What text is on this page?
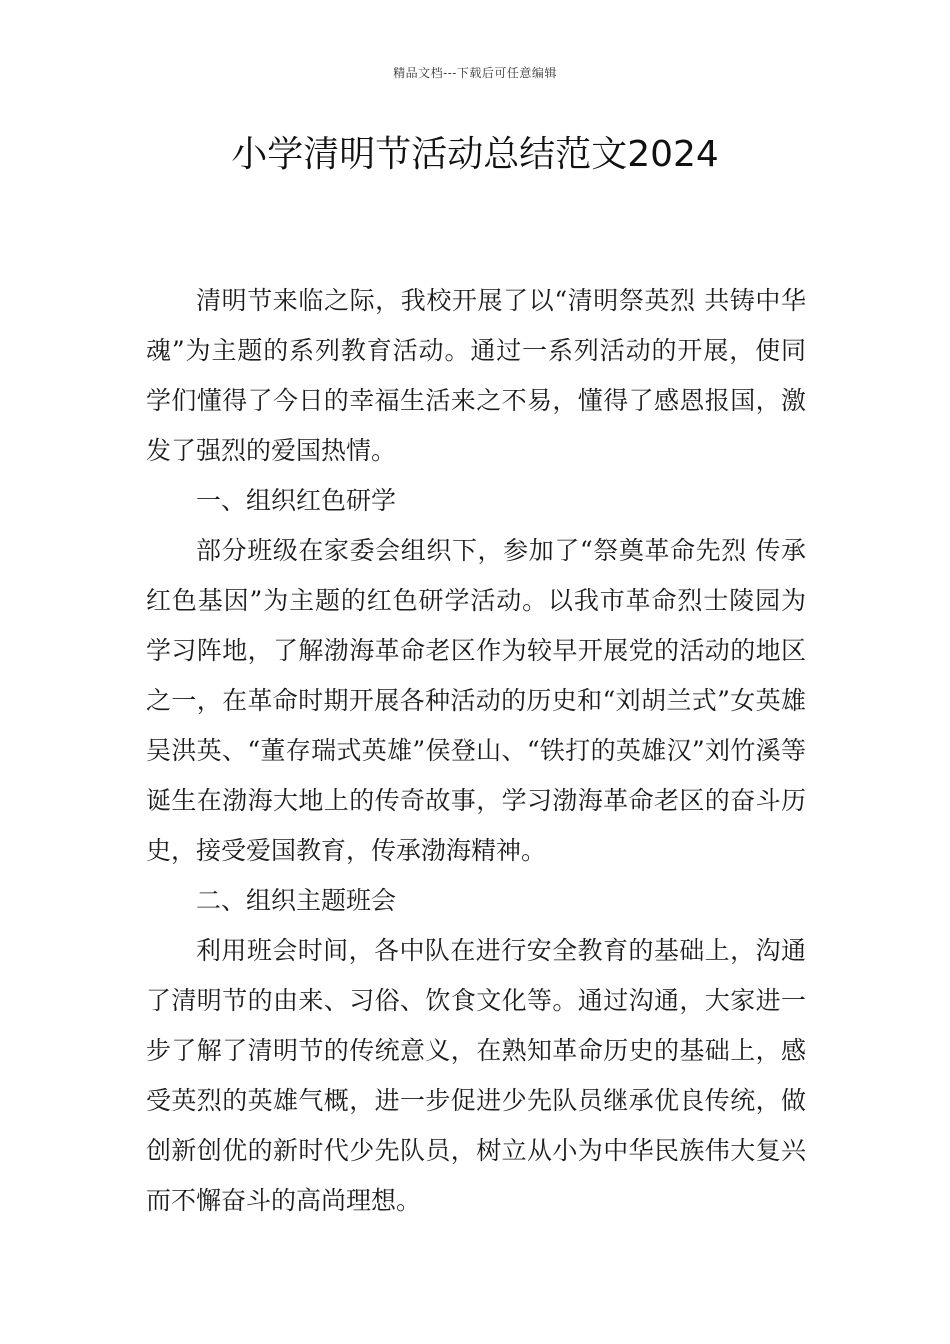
精品文档---下载后可任意编辑
小学清明节活动总结范文2024

清明节来临之际，我校开展了以“清明祭英烈 共铸中华魂”为主题的系列教育活动。通过一系列活动的开展，使同学们懂得了今日的幸福生活来之不易，懂得了感恩报国，激发了强烈的爱国热情。

一、组织红色研学

部分班级在家委会组织下，参加了“祭奠革命先烈 传承红色基因”为主题的红色研学活动。以我市革命烈士陵园为学习阵地，了解渤海革命老区作为较早开展党的活动的地区之一，在革命时期开展各种活动的历史和“刘胡兰式”女英雄吴洪英、“董存瑞式英雄”侯登山、“铁打的英雄汉”刘竹溪等诞生在渤海大地上的传奇故事，学习渤海革命老区的奋斗历史，接受爱国教育，传承渤海精神。

二、组织主题班会

利用班会时间，各中队在进行安全教育的基础上，沟通了清明节的由来、习俗、饮食文化等。通过沟通，大家进一步了解了清明节的传统意义，在熟知革命历史的基础上，感受英烈的英雄气概，进一步促进少先队员继承优良传统，做创新创优的新时代少先队员，树立从小为中华民族伟大复兴而不懈奋斗的高尚理想。
